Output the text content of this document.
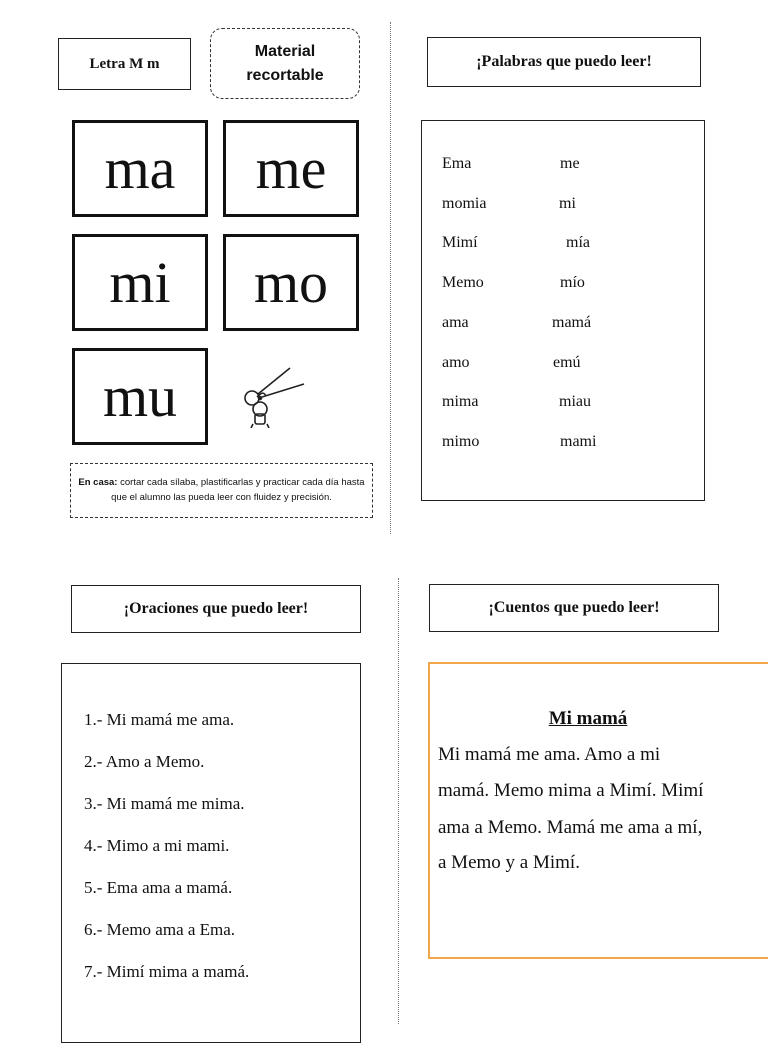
Letra M m
Material
recortable
ma me
mi mo
mu
En casa: cortar cada sílaba, plastificarlas y practicar cada día hasta
que el alumno las pueda leer con fluidez y precisión.
¡Palabras que puedo leer!
Ema
momia
Mimí
Memo
ama
amo
mima
mimo
me
mi
mía
mío
mamá
emú
miau
mami
¡Oraciones que puedo leer!
1.- Mi mamá me ama.
2.- Amo a Memo.
3.- Mi mamá me mima.
4.- Mimo a mi mami.
5.- Ema ama a mamá.
6.- Memo ama a Ema.
7.- Mimí mima a mamá.
¡Cuentos que puedo leer!
Mi mamá
Mi mamá me ama. Amo a mi
mamá. Memo mima a Mimí. Mimí
ama a Memo. Mamá me ama a mí,
a Memo y a Mimí.
